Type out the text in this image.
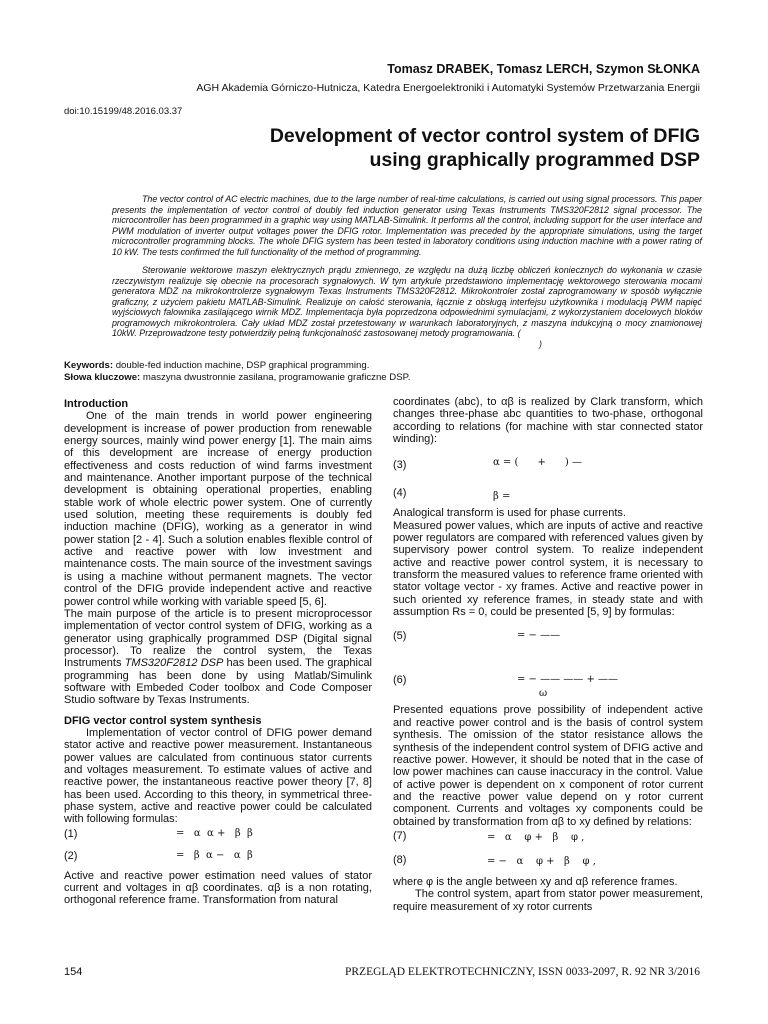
Tomasz DRABEK, Tomasz LERCH, Szymon SŁONKA
AGH Akademia Górniczo-Hutnicza, Katedra Energoelektroniki i Automatyki Systemów Przetwarzania Energii
doi:10.15199/48.2016.03.37
Development of vector control system of DFIG
using graphically programmed DSP
The vector control of AC electric machines, due to the large number of real-time calculations, is carried out using signal processors. This paper presents the implementation of vector control of doubly fed induction generator using Texas Instruments TMS320F2812 signal processor. The microcontroller has been programmed in a graphic way using MATLAB-Simulink. It performs all the control, including support for the user interface and PWM modulation of inverter output voltages power the DFIG rotor. Implementation was preceded by the appropriate simulations, using the target microcontroller programming blocks. The whole DFIG system has been tested in laboratory conditions using induction machine with a power rating of 10 kW. The tests confirmed the full functionality of the method of programming.
Sterowanie wektorowe maszyn elektrycznych prądu zmiennego, ze względu na dużą liczbę obliczeń koniecznych do wykonania w czasie rzeczywistym realizuje się obecnie na procesorach sygnałowych. W tym artykule przedstawiono implementację wektorowego sterowania mocami generatora MDZ na mikrokontrolerze sygnałowym Texas Instruments TMS320F2812. Mikrokontroler został zaprogramowany w sposób wyłącznie graficzny, z użyciem pakietu MATLAB-Simulink. Realizuje on całość sterowania, łącznie z obsługą interfejsu użytkownika i modulacją PWM napięć wyjściowych falownika zasilającego wirnik MDZ. Implementacja była poprzedzona odpowiednimi symulacjami, z wykorzystaniem docelowych bloków programowych mikrokontrolera. Cały układ MDZ został przetestowany w warunkach laboratoryjnych, z maszyna indukcyjną o mocy znamionowej 10kW. Przeprowadzone testy potwierdziły pełną funkcjonalność zastosowanej metody programowania. (
)
Keywords: double-fed induction machine, DSP graphical programming.
Słowa kluczowe: maszyna dwustronnie zasilana, programowanie graficzne DSP.

Introduction

One of the main trends in world power engineering development is increase of power production from renewable energy sources, mainly wind power energy [1]. The main aims of this development are increase of energy production effectiveness and costs reduction of wind farms investment and maintenance. Another important purpose of the technical development is obtaining operational properties, enabling stable work of whole electric power system. One of currently used solution, meeting these requirements is doubly fed induction machine (DFIG), working as a generator in wind power station [2 - 4]. Such a solution enables flexible control of active and reactive power with low investment and maintenance costs. The main source of the investment savings is using a machine without permanent magnets. The vector control of the DFIG provide independent active and reactive power control while working with variable speed [5, 6].

The main purpose of the article is to present microprocessor implementation of vector control system of DFIG, working as a generator using graphically programmed DSP (Digital signal processor). To realize the control system, the Texas Instruments TMS320F2812 DSP has been used. The graphical programming has been done by using Matlab/Simulink software with Embeded Coder toolbox and Code Composer Studio software by Texas Instruments.

DFIG vector control system synthesis

Implementation of vector control of DFIG power demand stator active and reactive power measurement. Instantaneous power values are calculated from continuous stator currents and voltages measurement. To estimate values of active and reactive power, the instantaneous reactive power theory [7, 8] has been used. According to this theory, in symmetrical three-phase system, active and reactive power could be calculated with following formulas:

(1)	=   α  α +   β  β
(2)	=   β  α −   α  β

Active and reactive power estimation need values of stator current and voltages in αβ coordinates. αβ is a non rotating, orthogonal reference frame. Transformation from natural

coordinates (abc), to αβ is realized by Clark transform, which changes three-phase abc quantities to two-phase, orthogonal according to relations (for machine with star connected stator winding):

(3)	α = (      +      ) —
(4)	β =

Analogical transform is used for phase currents.

Measured power values, which are inputs of active and reactive power regulators are compared with referenced values given by supervisory power control system. To realize independent active and reactive power control system, it is necessary to transform the measured values to reference frame oriented with stator voltage vector - xy frames. Active and reactive power in such oriented xy reference frames, in steady state and with assumption Rs = 0, could be presented [5, 9] by formulas:

(5)	= − ——
(6)	= − —— —— + ——
ω

Presented equations prove possibility of independent active and reactive power control and is the basis of control system synthesis. The omission of the stator resistance allows the synthesis of the independent control system of DFIG active and reactive power. However, it should be noted that in the case of low power machines can cause inaccuracy in the control. Value of active power is dependent on x component of rotor current and the reactive power value depend on y rotor current component. Currents and voltages xy components could be obtained by transformation from αβ to xy defined by relations:

(7)	=   α    φ +   β    φ ,
(8)	= −   α    φ +   β    φ ,

where φ is the angle between xy and αβ reference frames.

The control system, apart from stator power measurement, require measurement of xy rotor currents

154	PRZEGLĄD ELEKTROTECHNICZNY, ISSN 0033-2097, R. 92 NR 3/2016
